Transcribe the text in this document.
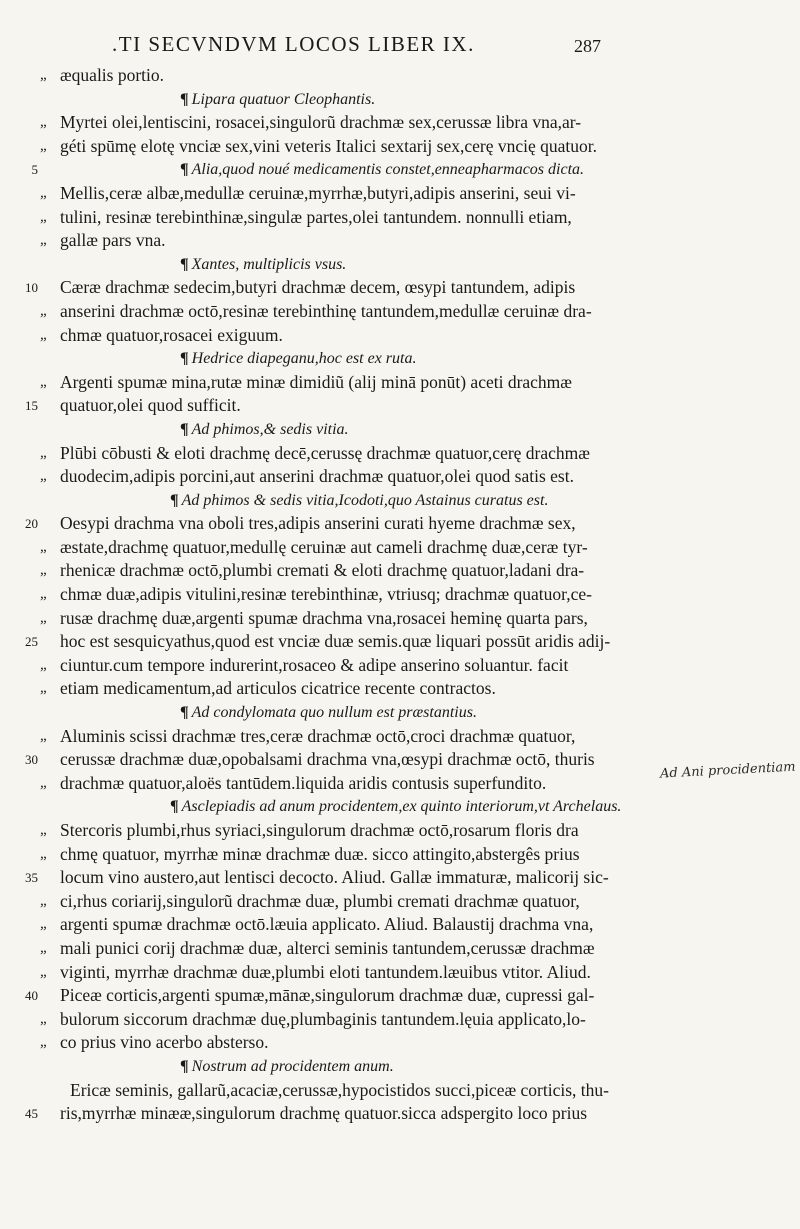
.TI SECVNDVM LOCOS LIBER IX.	287
„ æqualis portio.
¶ Lipara quatuor Cleophantis.
„ Myrtei olei,lentiscini, rosacei,singulorũ drachmæ sex,cerussæ libra vna,ar-
„ géti spūmę elotę vnciæ sex,vini veteris Italici sextarij sex,cerę vncię quatuor.
5
¶	Alia,quod noué medicamentis constet,enneapharmacos dicta.
„ Mellis,ceræ albæ,medullæ ceruinæ,myrrhæ,butyri,adipis anserini, seui vi-
„ tulini, resinæ terebinthinæ,singulæ partes,olei tantundem. nonnulli etiam,
„ gallæ pars vna.
¶ Xantes, multiplicis vsus.
10 Cæræ drachmæ sedecim,butyri drachmæ decem, œsypi tantundem, adipis
„ anserini drachmæ octō,resinæ terebinthinę tantundem,medullæ ceruinæ dra-
„ chmæ quatuor,rosacei exiguum.
¶ Hedrice diapeganu,hoc est ex ruta.
„ Argenti spumæ mina,rutæ minæ dimidiũ (alij minā ponūt) aceti drachmæ
15 quatuor,olei quod sufficit.
¶ Ad phimos,& sedis vitia.
„ Plūbi cōbusti & eloti drachmę decē,cerussę drachmæ quatuor,cerę drachmæ
„ duodecim,adipis porcini,aut anserini drachmæ quatuor,olei quod satis est.
¶ Ad phimos & sedis vitia,Icodoti,quo Astainus curatus est.
20 Oesypi drachma vna oboli tres,adipis anserini curati hyeme drachmæ sex,
„ æstate,drachmę quatuor,medullę ceruinæ aut cameli drachmę duæ,ceræ tyr-
„ rhenicæ drachmæ octō,plumbi cremati & eloti drachmę quatuor,ladani dra-
„ chmæ duæ,adipis vitulini,resinæ terebinthinæ, vtriusq; drachmæ quatuor,ce-
„ rusæ drachmę duæ,argenti spumæ drachma vna,rosacei heminę quarta pars,
25 hoc est sesquicyathus,quod est vnciæ duæ semis.quæ liquari possūt aridis adij-
„ ciuntur.cum tempore indurerint,rosaceo & adipe anserino soluantur. facit
„ etiam medicamentum,ad articulos cicatrice recente contractos.
¶ Ad condylomata quo nullum est præstantius.
„ Aluminis scissi drachmæ tres,ceræ drachmæ octō,croci drachmæ quatuor,
30 cerussæ drachmæ duæ,opobalsami drachma vna,œsypi drachmæ octō, thuris
„ drachmæ quatuor,aloës tantūdem.liquida aridis contusis superfundito.
¶ Asclepiadis ad anum procidentem,ex quinto interiorum,vt Archelaus.
„ Stercoris plumbi,rhus syriaci,singulorum drachmæ octō,rosarum floris dra
„ chmę quatuor, myrrhæ minæ drachmæ duæ. sicco attingito,abstergês prius
35 locum vino austero,aut lentisci decocto. Aliud. Gallæ immaturæ, malicorij sic-
„ ci,rhus coriarij,singulorũ drachmæ duæ, plumbi cremati drachmæ quatuor,
„ argenti spumæ drachmæ octō.læuia applicato. Aliud. Balaustij drachma vna,
„ mali punici corij drachmæ duæ, alterci seminis tantundem,cerussæ drachmæ
„ viginti, myrrhæ drachmæ duæ,plumbi eloti tantundem.læuibus vtitor. Aliud.
40 Piceæ corticis,argenti spumæ,mānæ,singulorum drachmæ duæ, cupressi gal-
„ bulorum siccorum drachmæ duę,plumbaginis tantundem.lęuia applicato,lo-
„ co prius vino acerbo absterso.
¶ Nostrum ad procidentem anum.
Ericæ seminis, gallarũ,acaciæ,cerussæ,hypocistidos succi,piceæ corticis, thu-
45 ris,myrrhæ minææ,singulorum drachmę quatuor.sicca adspergito loco prius
Ad Ani procidentiam
